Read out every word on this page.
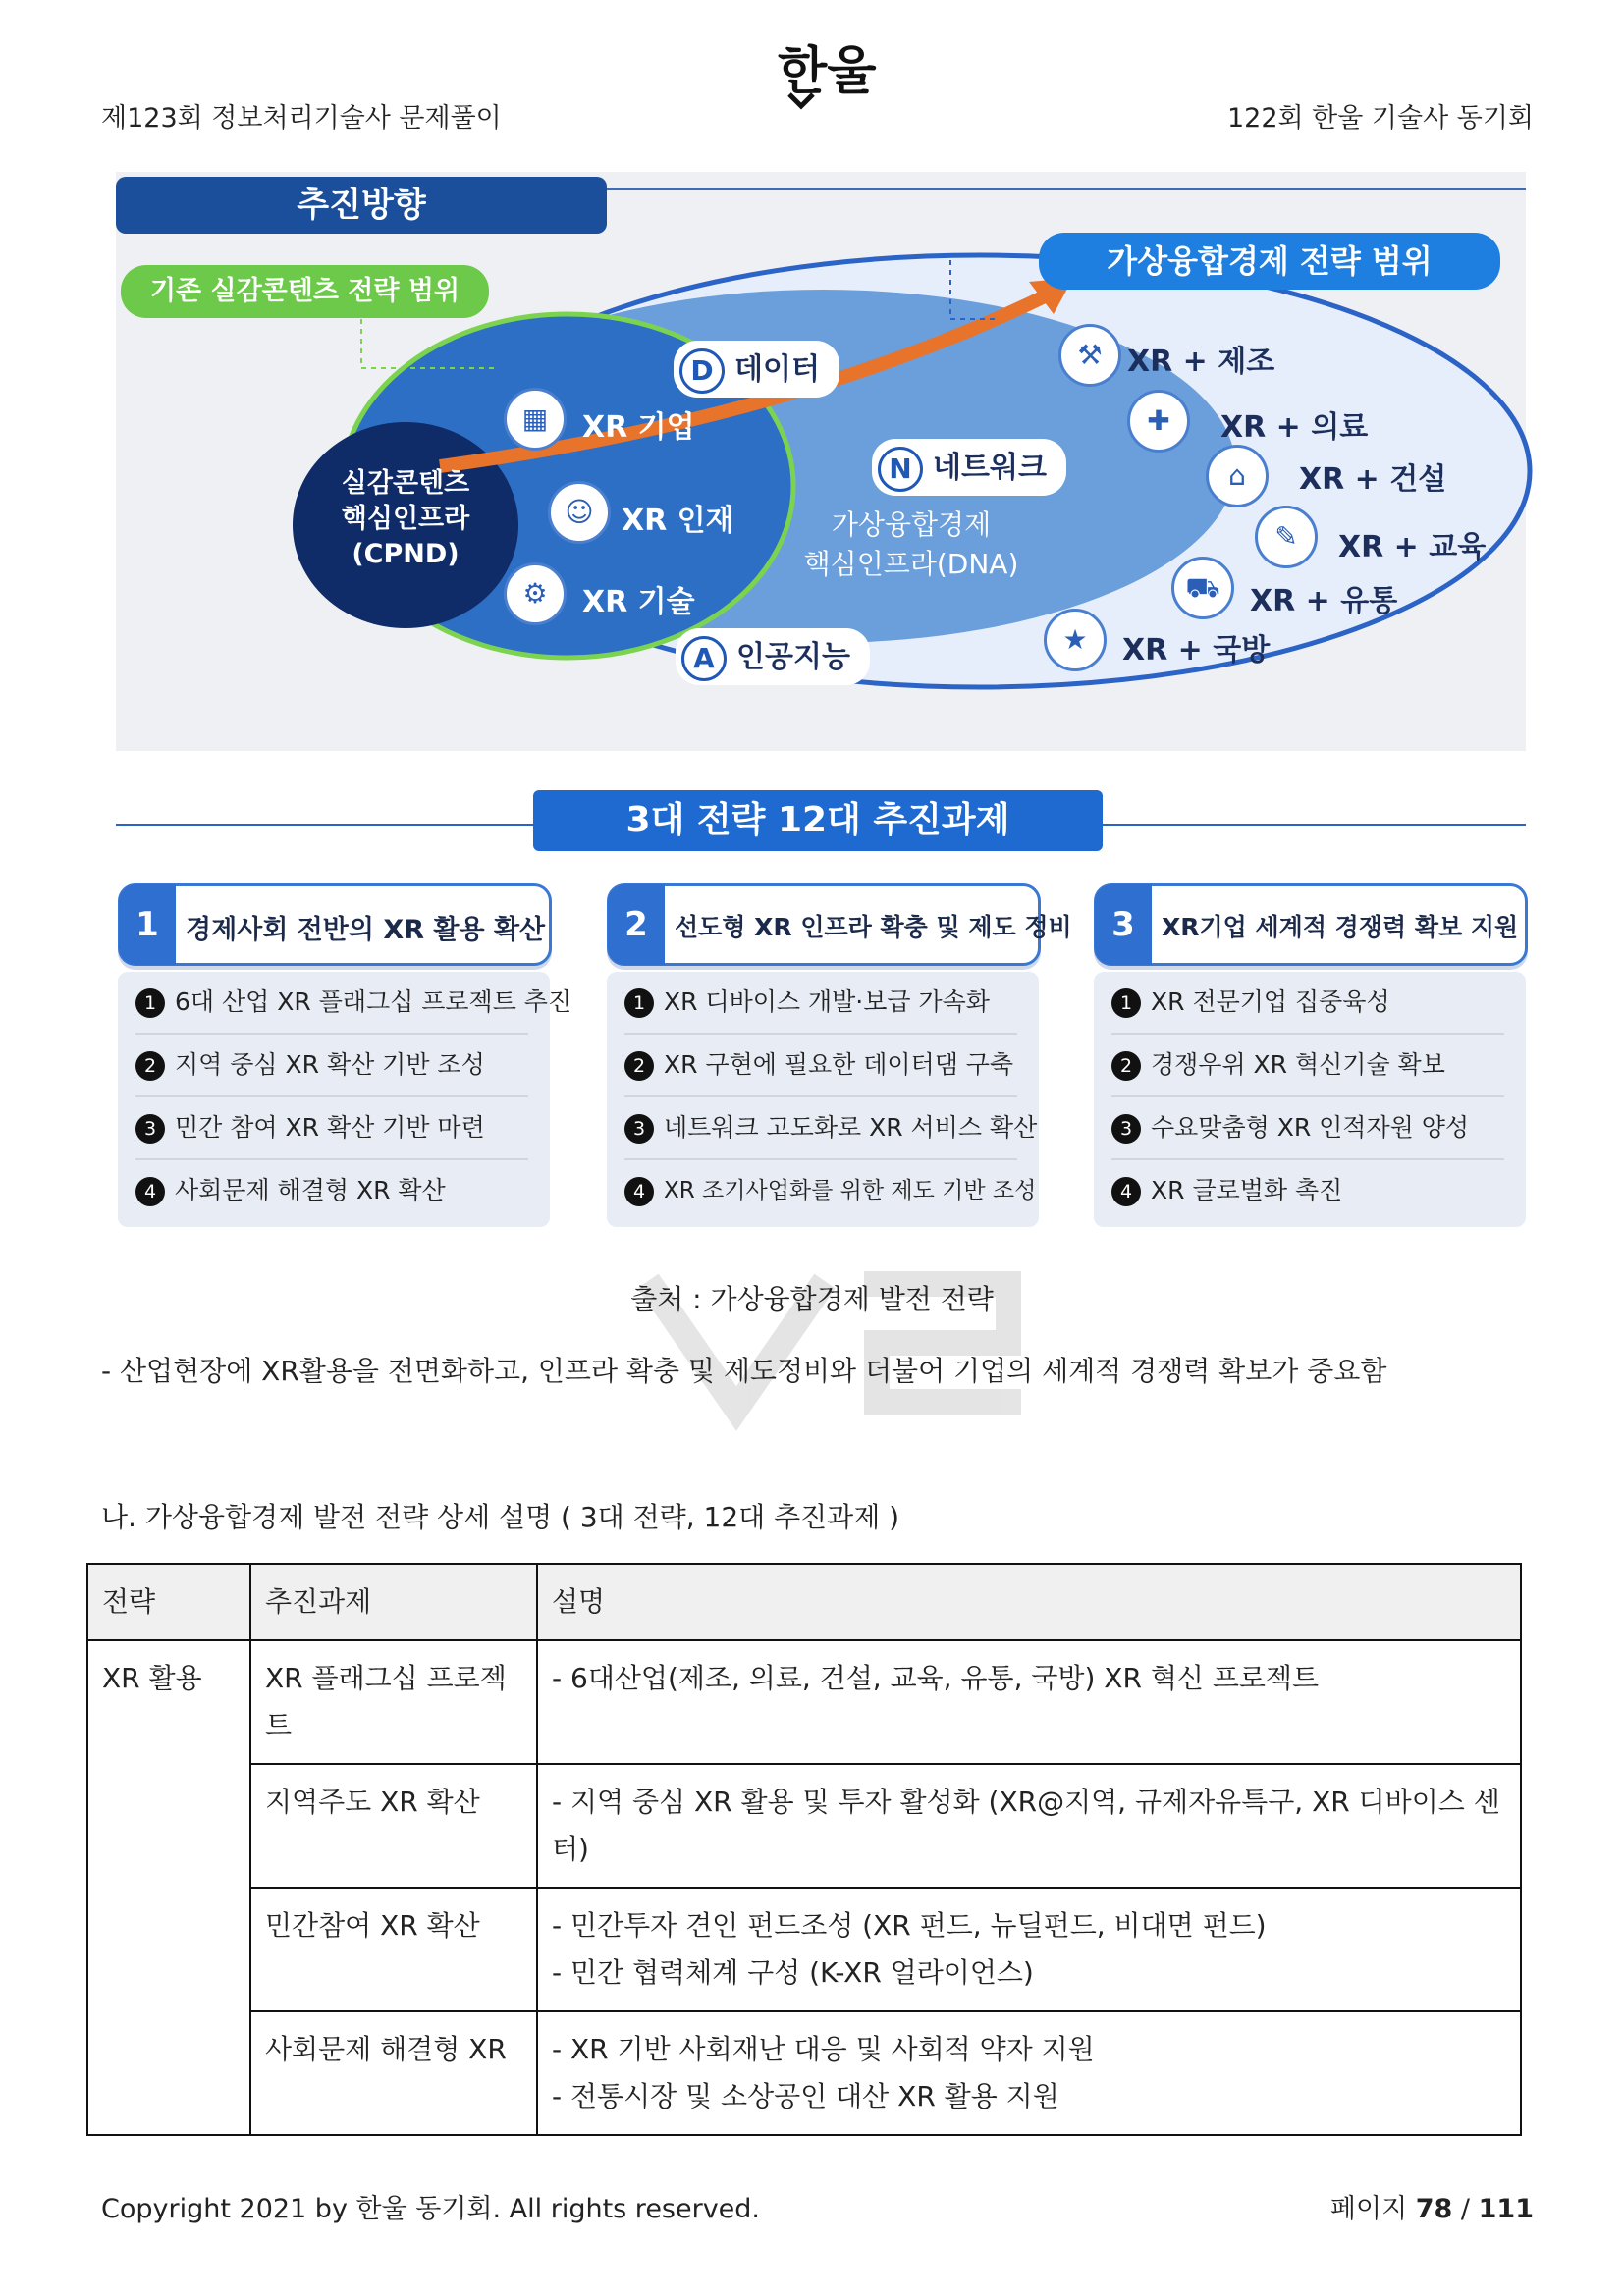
제123회 정보처리기술사 문제풀이
한울
122회 한울 기술사 동기회
추진방향
기존 실감콘텐츠 전략 범위
가상융합경제 전략 범위
실감콘텐츠
핵심인프라
(CPND)
▦	XR 기업
☺ XR 인재
⚙	XR 기술
D 데이터
N 네트워크
A 인공지능
가상융합경제
핵심인프라(DNA)
⚒ XR + 제조
✚	XR + 의료
⌂	XR + 건설
✎	XR + 교육
⛟	XR + 유통
★	XR + 국방
3대 전략 12대 추진과제
1	경제사회 전반의 XR 활용 확산
1 6대 산업 XR 플래그십 프로젝트 추진
2 지역 중심 XR 확산 기반 조성
3 민간 참여 XR 확산 기반 마련
4 사회문제 해결형 XR 확산
2	선도형 XR 인프라 확충 및 제도 정비
1 XR 디바이스 개발·보급 가속화
2 XR 구현에 필요한 데이터댐 구축
3 네트워크 고도화로 XR 서비스 확산
4 XR 조기사업화를 위한 제도 기반 조성
3	XR기업 세계적 경쟁력 확보 지원
1 XR 전문기업 집중육성
2 경쟁우위 XR 혁신기술 확보
3 수요맞춤형 XR 인적자원 양성
4 XR 글로벌화 촉진
출처 : 가상융합경제 발전 전략
- 산업현장에 XR활용을 전면화하고, 인프라 확충 및 제도정비와 더불어 기업의 세계적 경쟁력 확보가 중요함
나. 가상융합경제 발전 전략 상세 설명 ( 3대 전략, 12대 추진과제 )
전략	추진과제	설명
XR 활용	XR 플래그십 프로젝트	- 6대산업(제조, 의료, 건설, 교육, 유통, 국방) XR 혁신 프로젝트

	지역주도 XR 확산	- 지역 중심 XR 활용 및 투자 활성화 (XR@지역, 규제자유특구, XR 디바이스 센터)

	민간참여 XR 확산	- 민간투자 견인 펀드조성 (XR 펀드, 뉴딜펀드, 비대면 펀드)
- 민간 협력체계 구성 (K-XR 얼라이언스)

	사회문제 해결형 XR	- XR 기반 사회재난 대응 및 사회적 약자 지원
- 전통시장 및 소상공인 대산 XR 활용 지원
Copyright 2021 by 한울 동기회. All rights reserved.	페이지 78 / 111
